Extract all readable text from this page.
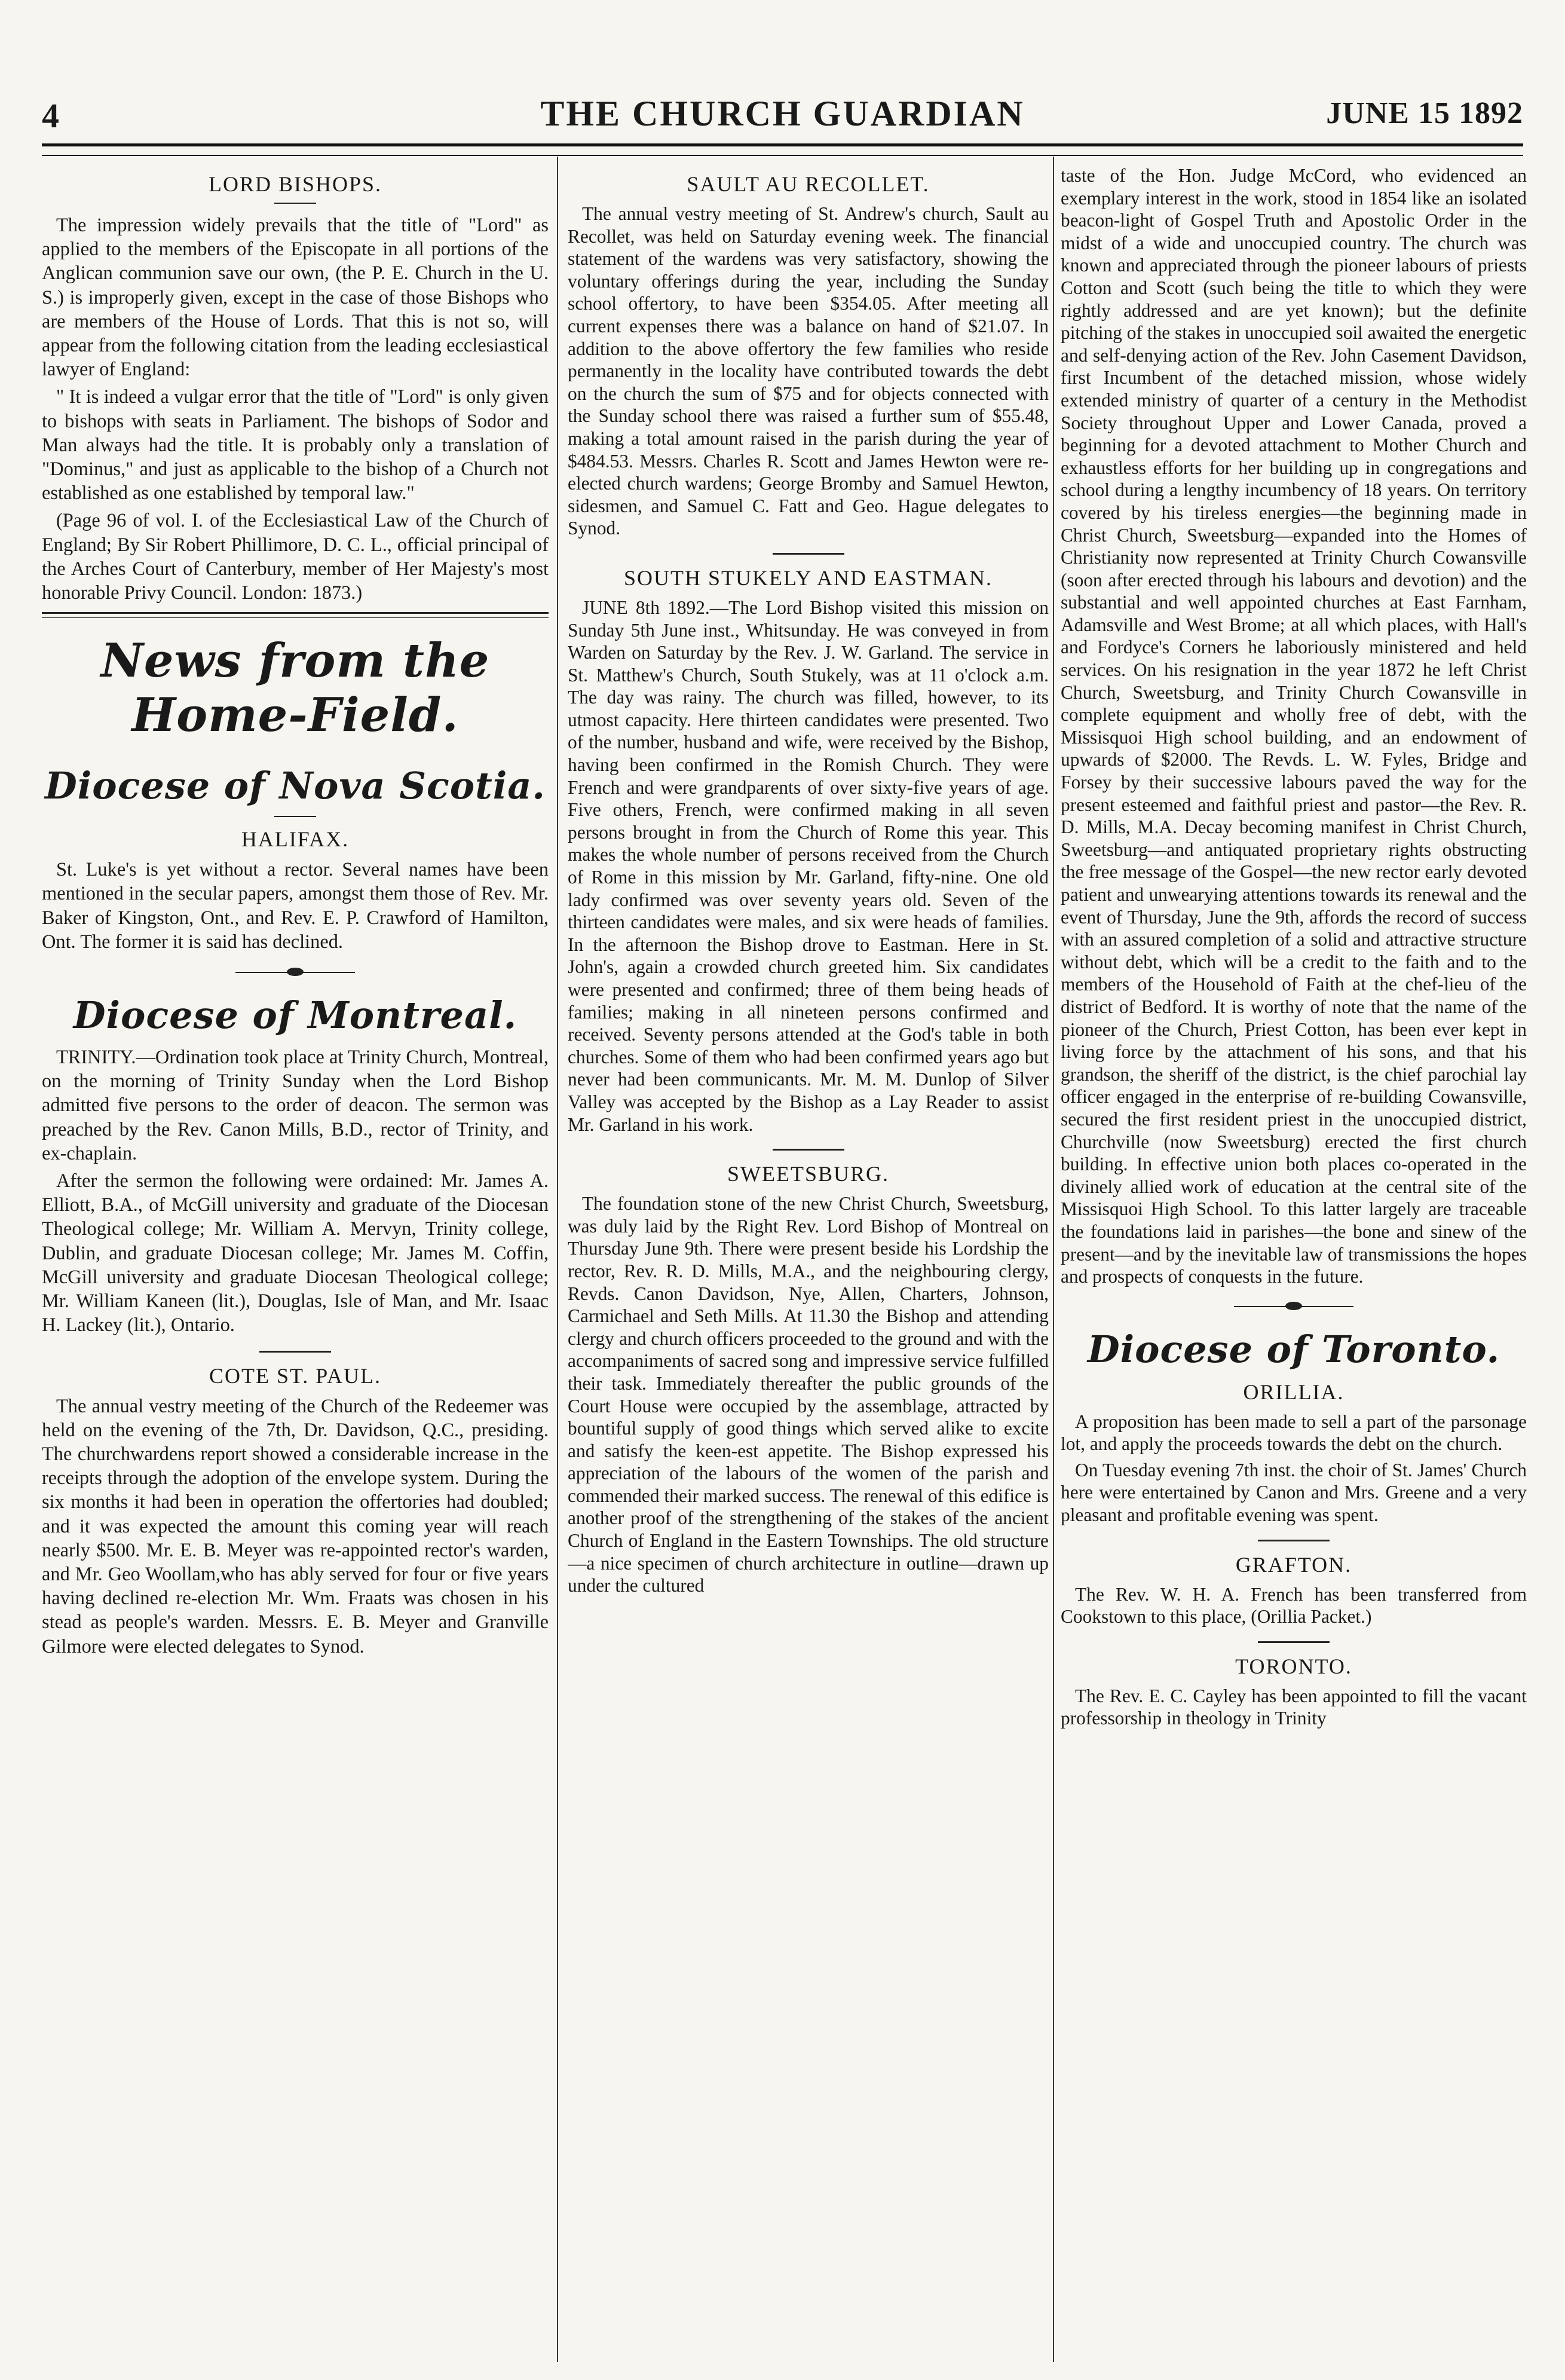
4	THE CHURCH GUARDIAN	JUNE 15 1892
LORD BISHOPS.

The impression widely prevails that the title of "Lord" as applied to the members of the Episcopate in all portions of the Anglican communion save our own, (the P. E. Church in the U. S.) is improperly given, except in the case of those Bishops who are members of the House of Lords. That this is not so, will appear from the following citation from the leading ecclesiastical lawyer of England:

" It is indeed a vulgar error that the title of "Lord" is only given to bishops with seats in Parliament. The bishops of Sodor and Man always had the title. It is probably only a translation of "Dominus," and just as applicable to the bishop of a Church not established as one established by temporal law."

(Page 96 of vol. I. of the Ecclesiastical Law of the Church of England; By Sir Robert Phillimore, D. C. L., official principal of the Arches Court of Canterbury, member of Her Majesty's most honorable Privy Council. London: 1873.)

News from the Home-Field.
Diocese of Nova Scotia.
HALIFAX.

St. Luke's is yet without a rector. Several names have been mentioned in the secular papers, amongst them those of Rev. Mr. Baker of Kingston, Ont., and Rev. E. P. Crawford of Hamilton, Ont. The former it is said has declined.

Diocese of Montreal.

TRINITY.—Ordination took place at Trinity Church, Montreal, on the morning of Trinity Sunday when the Lord Bishop admitted five persons to the order of deacon. The sermon was preached by the Rev. Canon Mills, B.D., rector of Trinity, and ex-chaplain.

After the sermon the following were ordained: Mr. James A. Elliott, B.A., of McGill university and graduate of the Diocesan Theological college; Mr. William A. Mervyn, Trinity college, Dublin, and graduate Diocesan college; Mr. James M. Coffin, McGill university and graduate Diocesan Theological college; Mr. William Kaneen (lit.), Douglas, Isle of Man, and Mr. Isaac H. Lackey (lit.), Ontario.

COTE ST. PAUL.

The annual vestry meeting of the Church of the Redeemer was held on the evening of the 7th, Dr. Davidson, Q.C., presiding. The churchwardens report showed a considerable increase in the receipts through the adoption of the envelope system. During the six months it had been in operation the offertories had doubled; and it was expected the amount this coming year will reach nearly $500. Mr. E. B. Meyer was re-appointed rector's warden, and Mr. Geo Woollam,who has ably served for four or five years having declined re-election Mr. Wm. Fraats was chosen in his stead as people's warden. Messrs. E. B. Meyer and Granville Gilmore were elected delegates to Synod.

SAULT AU RECOLLET.

The annual vestry meeting of St. Andrew's church, Sault au Recollet, was held on Saturday evening week. The financial statement of the wardens was very satisfactory, showing the voluntary offerings during the year, including the Sunday school offertory, to have been $354.05. After meeting all current expenses there was a balance on hand of $21.07. In addition to the above offertory the few families who reside permanently in the locality have contributed towards the debt on the church the sum of $75 and for objects connected with the Sunday school there was raised a further sum of $55.48, making a total amount raised in the parish during the year of $484.53. Messrs. Charles R. Scott and James Hewton were re-elected church wardens; George Bromby and Samuel Hewton, sidesmen, and Samuel C. Fatt and Geo. Hague delegates to Synod.

SOUTH STUKELY AND EASTMAN.

JUNE 8th 1892.—The Lord Bishop visited this mission on Sunday 5th June inst., Whitsunday. He was conveyed in from Warden on Saturday by the Rev. J. W. Garland. The service in St. Matthew's Church, South Stukely, was at 11 o'clock a.m. The day was rainy. The church was filled, however, to its utmost capacity. Here thirteen candidates were presented. Two of the number, husband and wife, were received by the Bishop, having been confirmed in the Romish Church. They were French and were grandparents of over sixty-five years of age. Five others, French, were confirmed making in all seven persons brought in from the Church of Rome this year. This makes the whole number of persons received from the Church of Rome in this mission by Mr. Garland, fifty-nine. One old lady confirmed was over seventy years old. Seven of the thirteen candidates were males, and six were heads of families. In the afternoon the Bishop drove to Eastman. Here in St. John's, again a crowded church greeted him. Six candidates were presented and confirmed; three of them being heads of families; making in all nineteen persons confirmed and received. Seventy persons attended at the God's table in both churches. Some of them who had been confirmed years ago but never had been communicants. Mr. M. M. Dunlop of Silver Valley was accepted by the Bishop as a Lay Reader to assist Mr. Garland in his work.

SWEETSBURG.

The foundation stone of the new Christ Church, Sweetsburg, was duly laid by the Right Rev. Lord Bishop of Montreal on Thursday June 9th. There were present beside his Lordship the rector, Rev. R. D. Mills, M.A., and the neighbouring clergy, Revds. Canon Davidson, Nye, Allen, Charters, Johnson, Carmichael and Seth Mills. At 11.30 the Bishop and attending clergy and church officers proceeded to the ground and with the accompaniments of sacred song and impressive service fulfilled their task. Immediately thereafter the public grounds of the Court House were occupied by the assemblage, attracted by bountiful supply of good things which served alike to excite and satisfy the keen-est appetite. The Bishop expressed his appreciation of the labours of the women of the parish and commended their marked success. The renewal of this edifice is another proof of the strengthening of the stakes of the ancient Church of England in the Eastern Townships. The old structure—a nice specimen of church architecture in outline—drawn up under the cultured

taste of the Hon. Judge McCord, who evidenced an exemplary interest in the work, stood in 1854 like an isolated beacon-light of Gospel Truth and Apostolic Order in the midst of a wide and unoccupied country. The church was known and appreciated through the pioneer labours of priests Cotton and Scott (such being the title to which they were rightly addressed and are yet known); but the definite pitching of the stakes in unoccupied soil awaited the energetic and self-denying action of the Rev. John Casement Davidson, first Incumbent of the detached mission, whose widely extended ministry of quarter of a century in the Methodist Society throughout Upper and Lower Canada, proved a beginning for a devoted attachment to Mother Church and exhaustless efforts for her building up in congregations and school during a lengthy incumbency of 18 years. On territory covered by his tireless energies—the beginning made in Christ Church, Sweetsburg—expanded into the Homes of Christianity now represented at Trinity Church Cowansville (soon after erected through his labours and devotion) and the substantial and well appointed churches at East Farnham, Adamsville and West Brome; at all which places, with Hall's and Fordyce's Corners he laboriously ministered and held services. On his resignation in the year 1872 he left Christ Church, Sweetsburg, and Trinity Church Cowansville in complete equipment and wholly free of debt, with the Missisquoi High school building, and an endowment of upwards of $2000. The Revds. L. W. Fyles, Bridge and Forsey by their successive labours paved the way for the present esteemed and faithful priest and pastor—the Rev. R. D. Mills, M.A. Decay becoming manifest in Christ Church, Sweetsburg—and antiquated proprietary rights obstructing the free message of the Gospel—the new rector early devoted patient and unwearying attentions towards its renewal and the event of Thursday, June the 9th, affords the record of success with an assured completion of a solid and attractive structure without debt, which will be a credit to the faith and to the members of the Household of Faith at the chef-lieu of the district of Bedford. It is worthy of note that the name of the pioneer of the Church, Priest Cotton, has been ever kept in living force by the attachment of his sons, and that his grandson, the sheriff of the district, is the chief parochial lay officer engaged in the enterprise of re-building Cowansville, secured the first resident priest in the unoccupied district, Churchville (now Sweetsburg) erected the first church building. In effective union both places co-operated in the divinely allied work of education at the central site of the Missisquoi High School. To this latter largely are traceable the foundations laid in parishes—the bone and sinew of the present—and by the inevitable law of transmissions the hopes and prospects of conquests in the future.

Diocese of Toronto.
ORILLIA.

A proposition has been made to sell a part of the parsonage lot, and apply the proceeds towards the debt on the church.

On Tuesday evening 7th inst. the choir of St. James' Church here were entertained by Canon and Mrs. Greene and a very pleasant and profitable evening was spent.

GRAFTON.

The Rev. W. H. A. French has been transferred from Cookstown to this place, (Orillia Packet.)

TORONTO.

The Rev. E. C. Cayley has been appointed to fill the vacant professorship in theology in Trinity
